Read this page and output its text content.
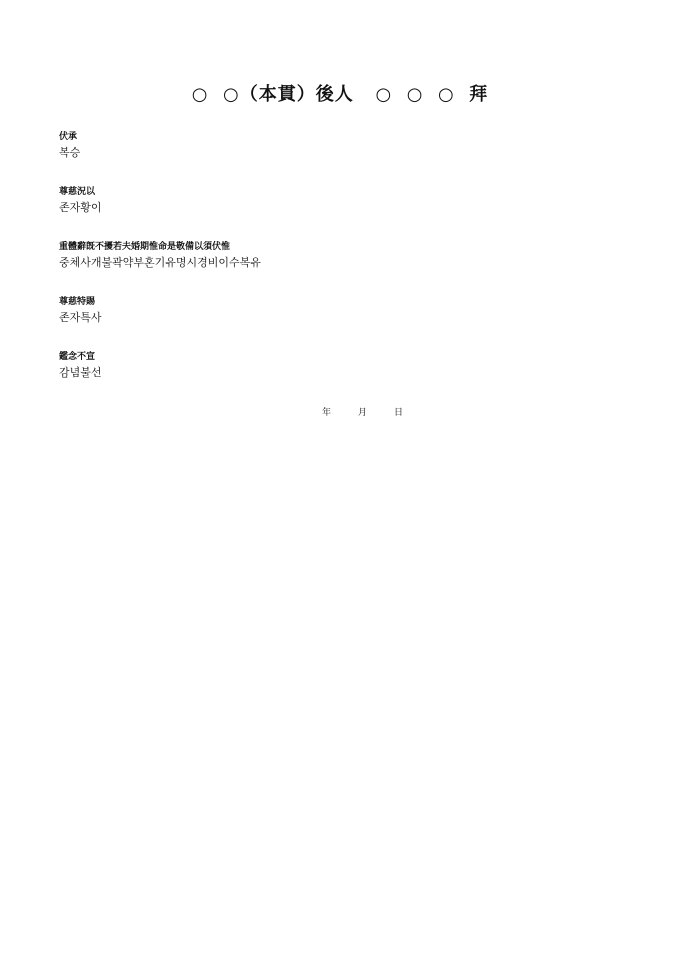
○  ○（本貫）後人   ○  ○  ○  拜
伏承
복승
尊慈況以
존자황이
重體辭旣不擾若夫婚期惟命是敬備以須伏惟
중체사개불곽약부혼기유명시경비이수복유
尊慈特賜
존자특사
鑑念不宣
감념불선
年	月	日
